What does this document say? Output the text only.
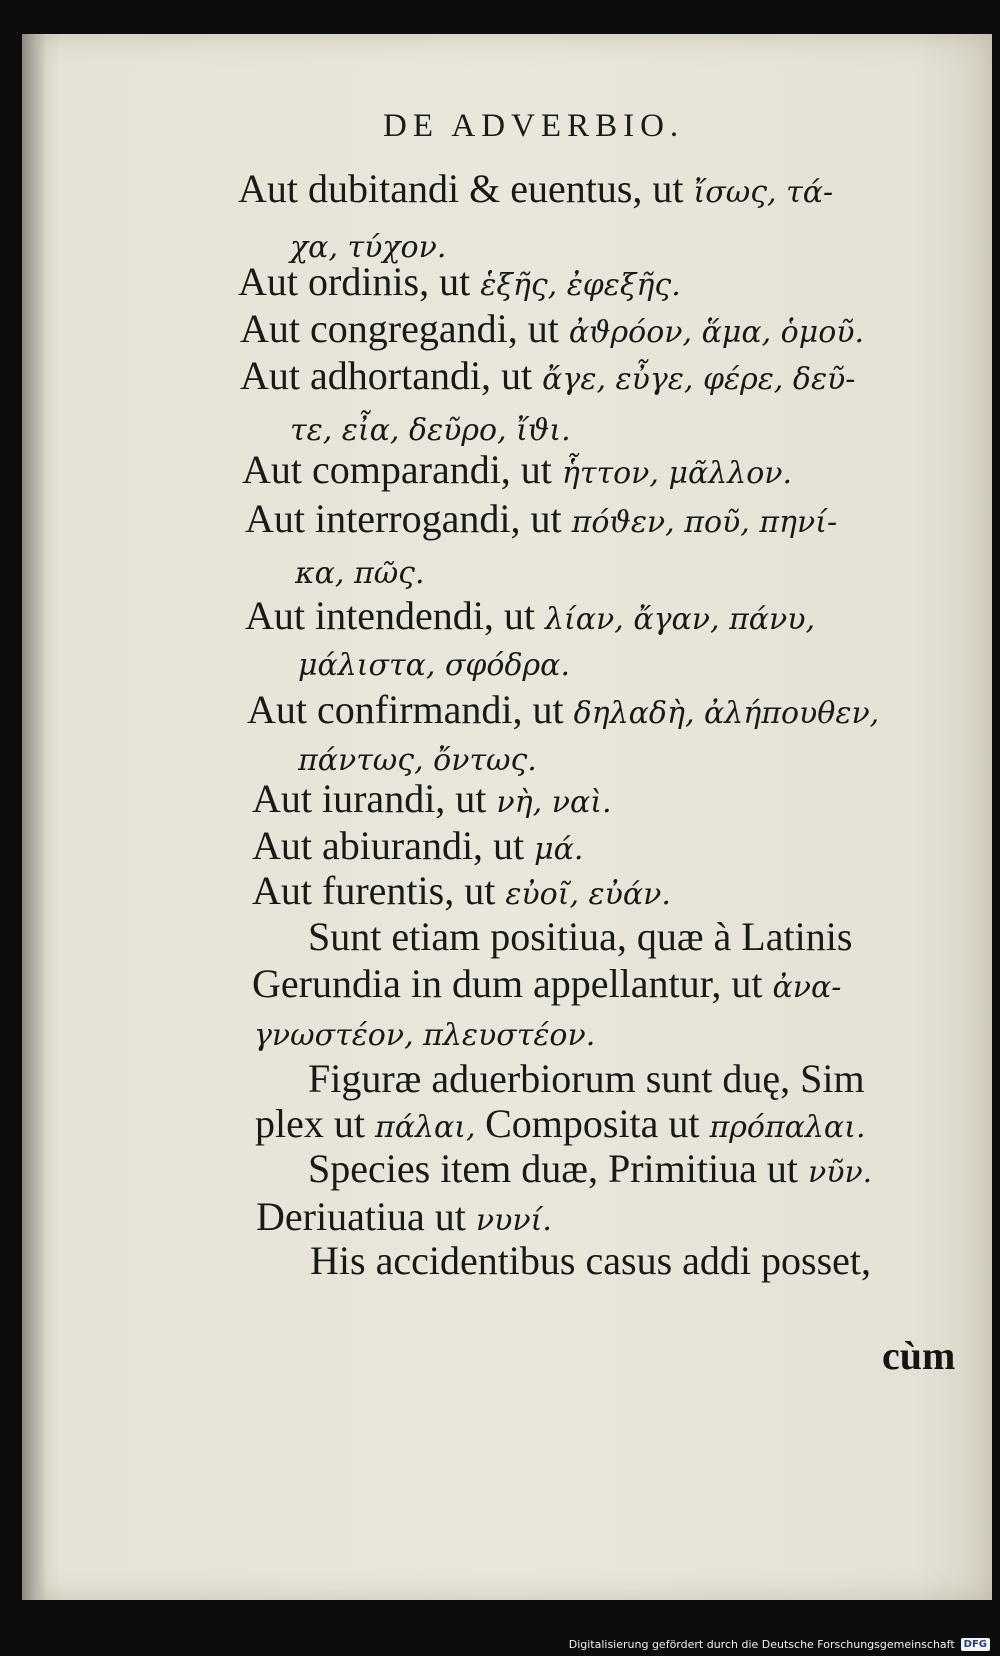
DE ADVERBIO.
Aut dubitandi & euentus, ut ἴσως, τά-
χα, τύχον.
Aut ordinis, ut ἑξῆς, ἐφεξῆς.
Aut congregandi, ut ἀϑρόον, ἅμα, ὁμοῦ.
Aut adhortandi, ut ἄγε, εὖγε, φέρε, δεῦ-
τε, εἶα, δεῦρο, ἴϑι.
Aut comparandi, ut ἧττον, μᾶλλον.
Aut interrogandi, ut πόϑεν, ποῦ, πηνί-
κα, πῶς.
Aut intendendi, ut λίαν, ἄγαν, πάνυ,
μάλιστα, σφόδρα.
Aut confirmandi, ut δηλαδὴ, ἀλήπουθεν,
πάντως, ὄντως.
Aut iurandi, ut νὴ, ναὶ.
Aut abiurandi, ut μά.
Aut furentis, ut εὐοῖ, εὐάν.
Sunt etiam positiua, quæ à Latinis
Gerundia in dum appellantur, ut ἀνα-
γνωστέον, πλευστέον.
Figuræ aduerbiorum sunt duę, Sim
plex ut πάλαι, Composita ut πρόπαλαι.
Species item duæ, Primitiua ut νῦν.
Deriuatiua ut νυνί.
His accidentibus casus addi posset,
cùm
Digitalisierung gefördert durch die Deutsche Forschungsgemeinschaft DFG
